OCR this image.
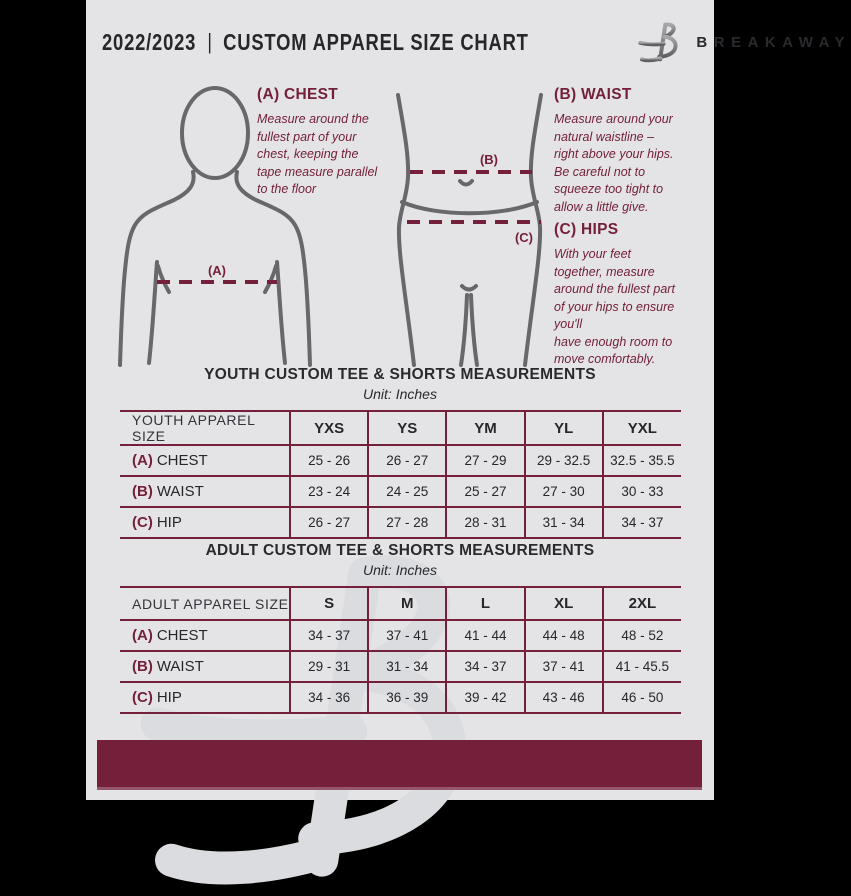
2022/2023 | CUSTOM APPAREL SIZE CHART	BREAKAWAY
(A)
(B)
(C)
(A) CHEST

Measure around the
fullest part of your
chest, keeping the
tape measure parallel
to the floor

(B) WAIST

Measure around your
natural waistline –
right above your hips.
Be careful not to
squeeze too tight to
allow a little give.

(C) HIPS

With your feet
together, measure
around the fullest part
of your hips to ensure
you'll
have enough room to
move comfortably.

YOUTH CUSTOM TEE & SHORTS MEASUREMENTS
Unit: Inches
YOUTH APPAREL SIZE	YXS	YS	YM	YL	YXL
(A) CHEST	25 - 26	26 - 27	27 - 29	29 - 32.5	32.5 - 35.5
(B) WAIST	23 - 24	24 - 25	25 - 27	27 - 30	30 - 33
(C) HIP	26 - 27	27 - 28	28 - 31	31 - 34	34 - 37
ADULT CUSTOM TEE & SHORTS MEASUREMENTS
Unit: Inches
ADULT APPAREL SIZE	S	M	L	XL	2XL
(A) CHEST	34 - 37	37 - 41	41 - 44	44 - 48	48 - 52
(B) WAIST	29 - 31	31 - 34	34 - 37	37 - 41	41 - 45.5
(C) HIP	34 - 36	36 - 39	39 - 42	43 - 46	46 - 50
